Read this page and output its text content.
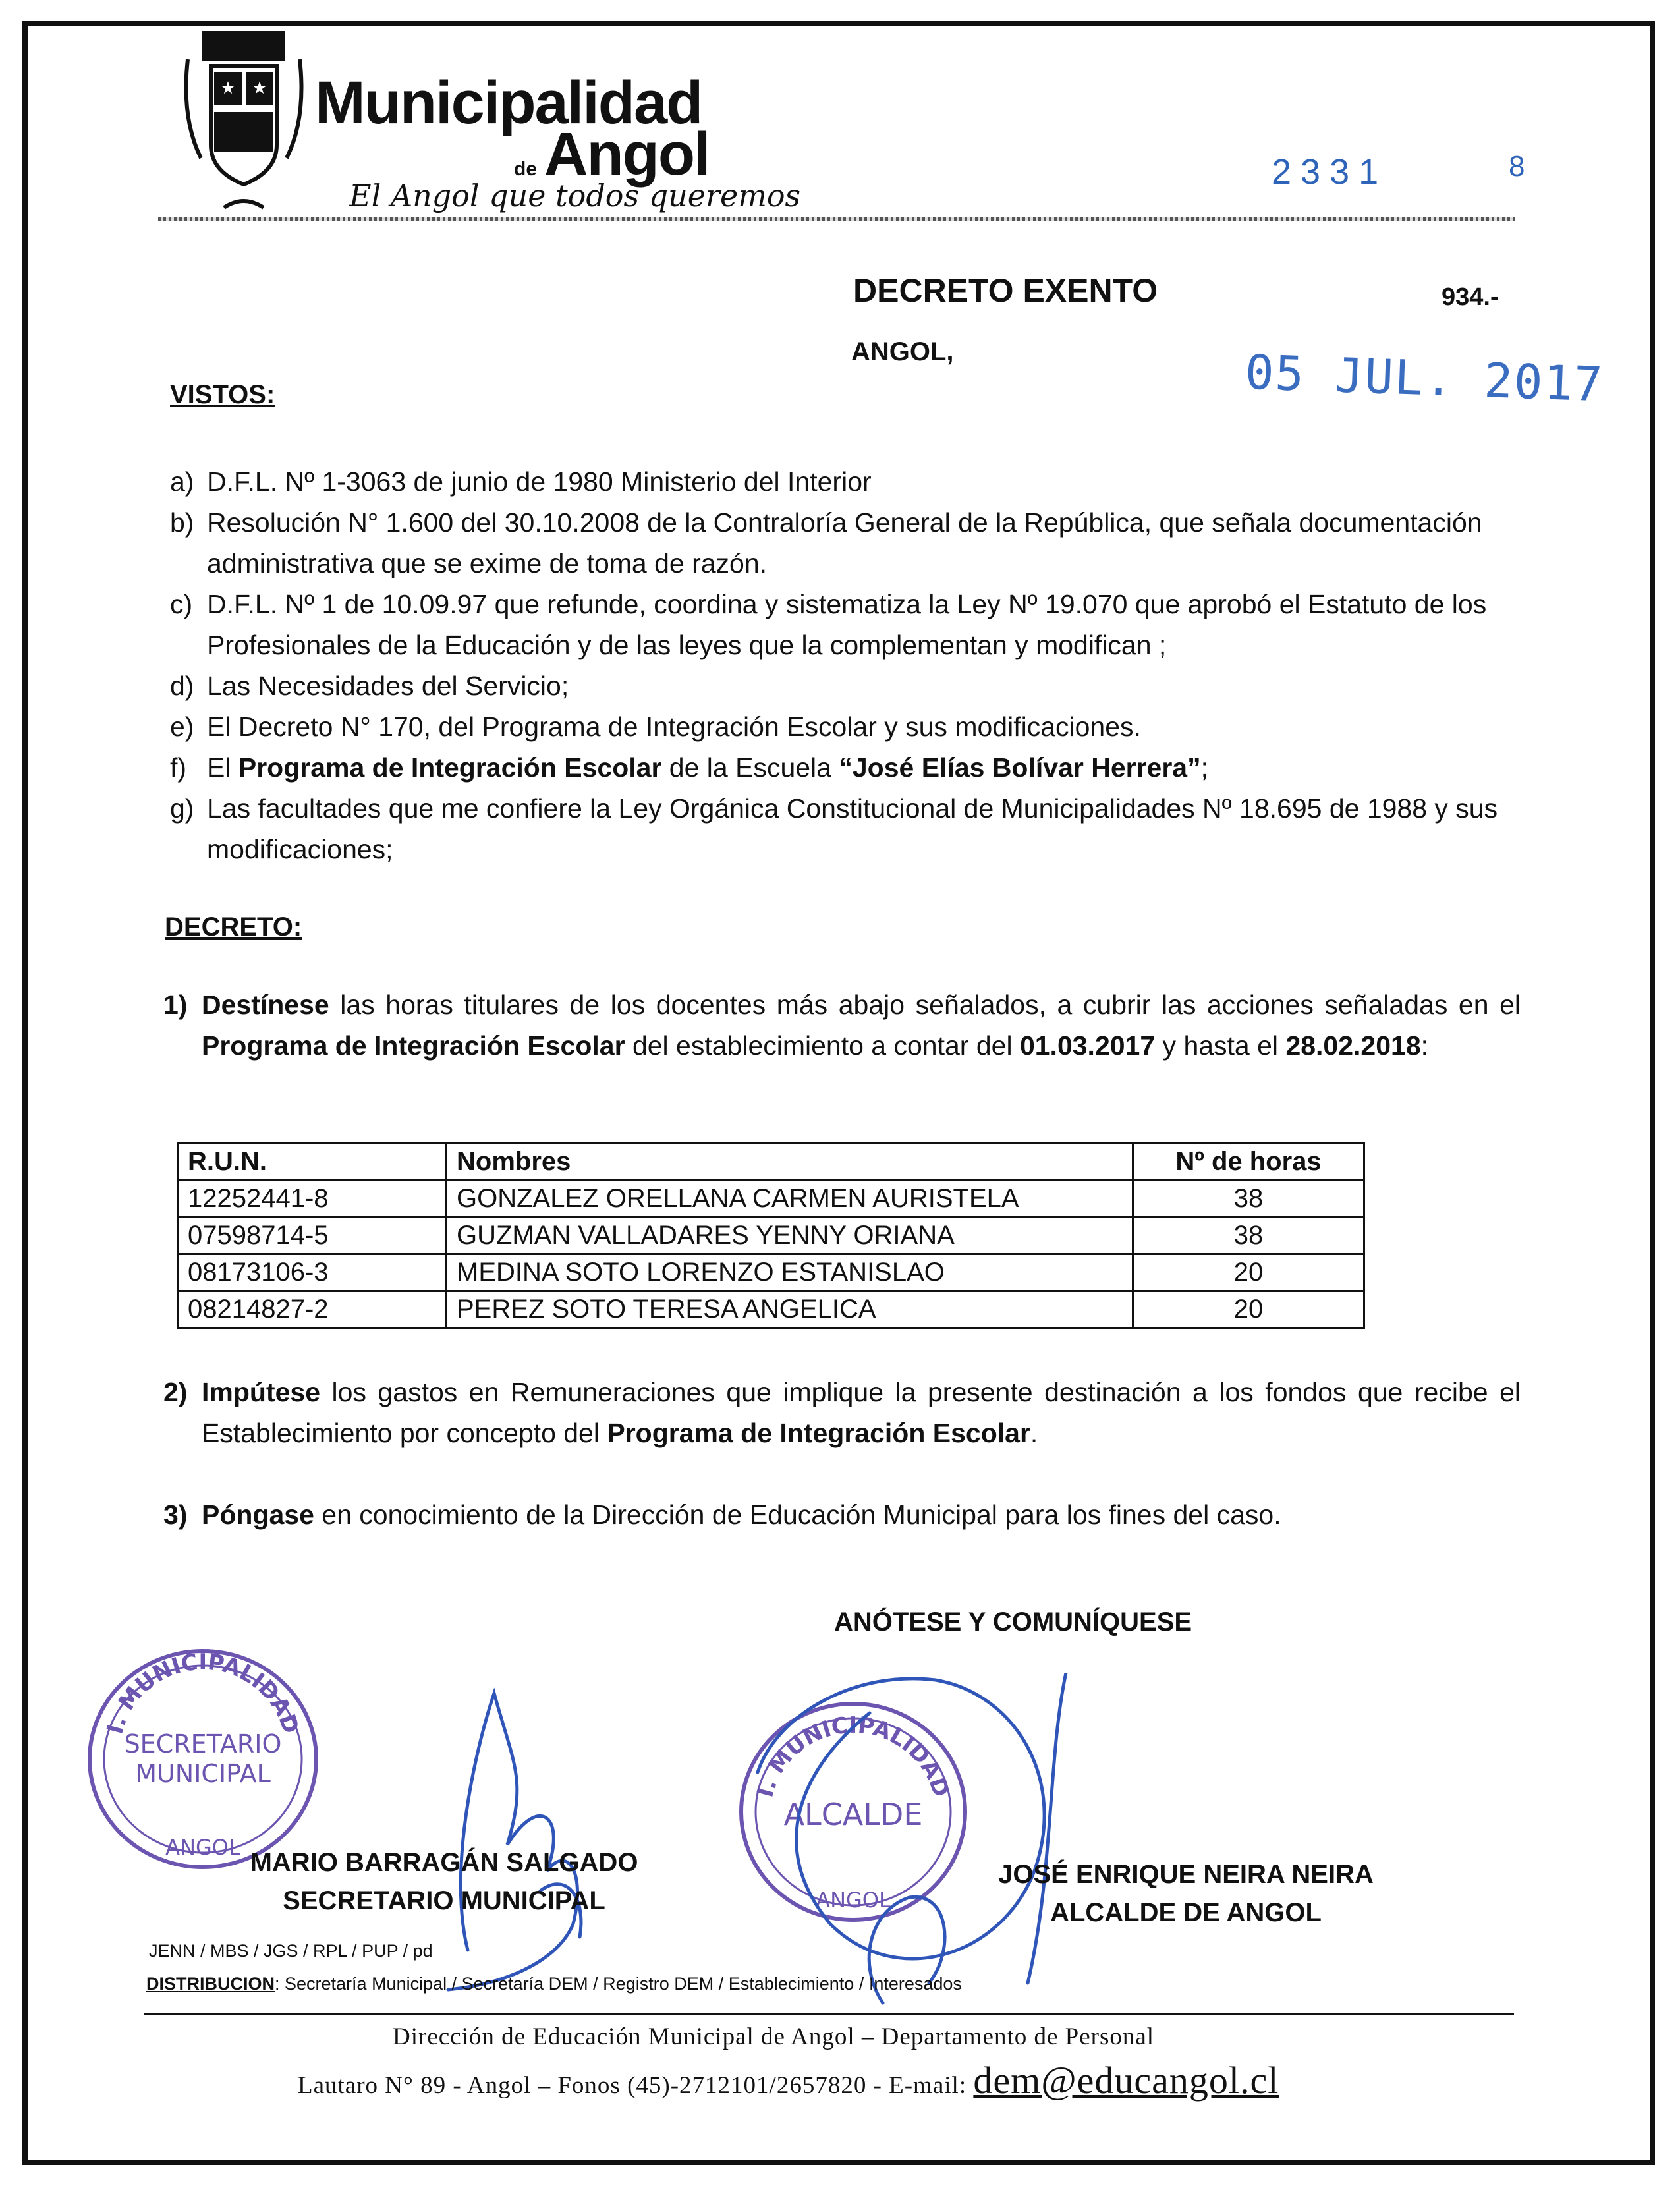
★ ★ Municipalidad
de Angol
El Angol que todos queremos
2331	8
DECRETO EXENTO	934.-
ANGOL,	05 JUL. 2017
VISTOS:
a) D.F.L. Nº 1-3063 de junio de 1980 Ministerio del Interior
b) Resolución N° 1.600 del 30.10.2008 de la Contraloría General de la República, que señala documentación administrativa que se exime de toma de razón.
c) D.F.L. Nº 1 de 10.09.97 que refunde, coordina y sistematiza la Ley Nº 19.070 que aprobó el Estatuto de los Profesionales de la Educación y de las leyes que la complementan y modifican ;
d) Las Necesidades del Servicio;
e) El Decreto N° 170, del Programa de Integración Escolar y sus modificaciones.
f) El Programa de Integración Escolar de la Escuela “José Elías Bolívar Herrera”;
g) Las facultades que me confiere la Ley Orgánica Constitucional de Municipalidades Nº 18.695 de 1988 y sus modificaciones;
DECRETO:
1) Destínese las horas titulares de los docentes más abajo señalados, a cubrir las acciones señaladas en el Programa de Integración Escolar del establecimiento a contar del 01.03.2017 y hasta el 28.02.2018:
R.U.N.	Nombres	Nº de horas
12252441-8	GONZALEZ ORELLANA CARMEN AURISTELA	38
07598714-5	GUZMAN VALLADARES YENNY ORIANA	38
08173106-3	MEDINA SOTO LORENZO ESTANISLAO	20
08214827-2	PEREZ SOTO TERESA ANGELICA	20
2) Impútese los gastos en Remuneraciones que implique la presente destinación a los fondos que recibe el Establecimiento por concepto del Programa de Integración Escolar.
3) Póngase en conocimiento de la Dirección de Educación Municipal para los fines del caso.
ANÓTESE Y COMUNÍQUESE
I. MUNICIPALIDAD
SECRETARIO
MUNICIPAL
ANGOL
I. MUNICIPALIDAD
ALCALDE
ANGOL
MARIO BARRAGÁN SALGADO
SECRETARIO MUNICIPAL
JOSÉ ENRIQUE NEIRA NEIRA
ALCALDE DE ANGOL
JENN / MBS / JGS / RPL / PUP / pd
DISTRIBUCION: Secretaría Municipal / Secretaría DEM / Registro DEM / Establecimiento / Interesados
Dirección de Educación Municipal de Angol – Departamento de Personal
Lautaro N° 89 - Angol – Fonos (45)-2712101/2657820 - E-mail: dem@educangol.cl
